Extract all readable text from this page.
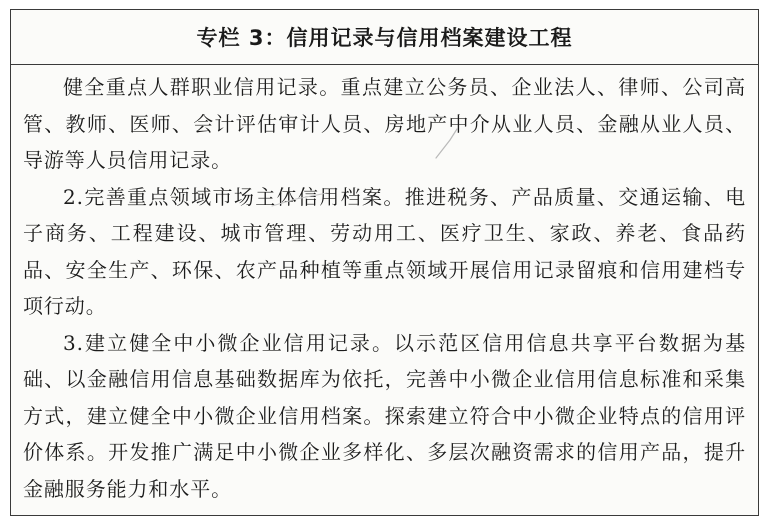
专栏 3：信用记录与信用档案建设工程

健全重点人群职业信用记录。重点建立公务员、企业法人、律师、公司高管、教师、医师、会计评估审计人员、房地产中介从业人员、金融从业人员、导游等人员信用记录。

2.完善重点领域市场主体信用档案。推进税务、产品质量、交通运输、电子商务、工程建设、城市管理、劳动用工、医疗卫生、家政、养老、食品药品、安全生产、环保、农产品种植等重点领域开展信用记录留痕和信用建档专项行动。

3.建立健全中小微企业信用记录。以示范区信用信息共享平台数据为基础、以金融信用信息基础数据库为依托，完善中小微企业信用信息标准和采集方式，建立健全中小微企业信用档案。探索建立符合中小微企业特点的信用评价体系。开发推广满足中小微企业多样化、多层次融资需求的信用产品，提升金融服务能力和水平。
